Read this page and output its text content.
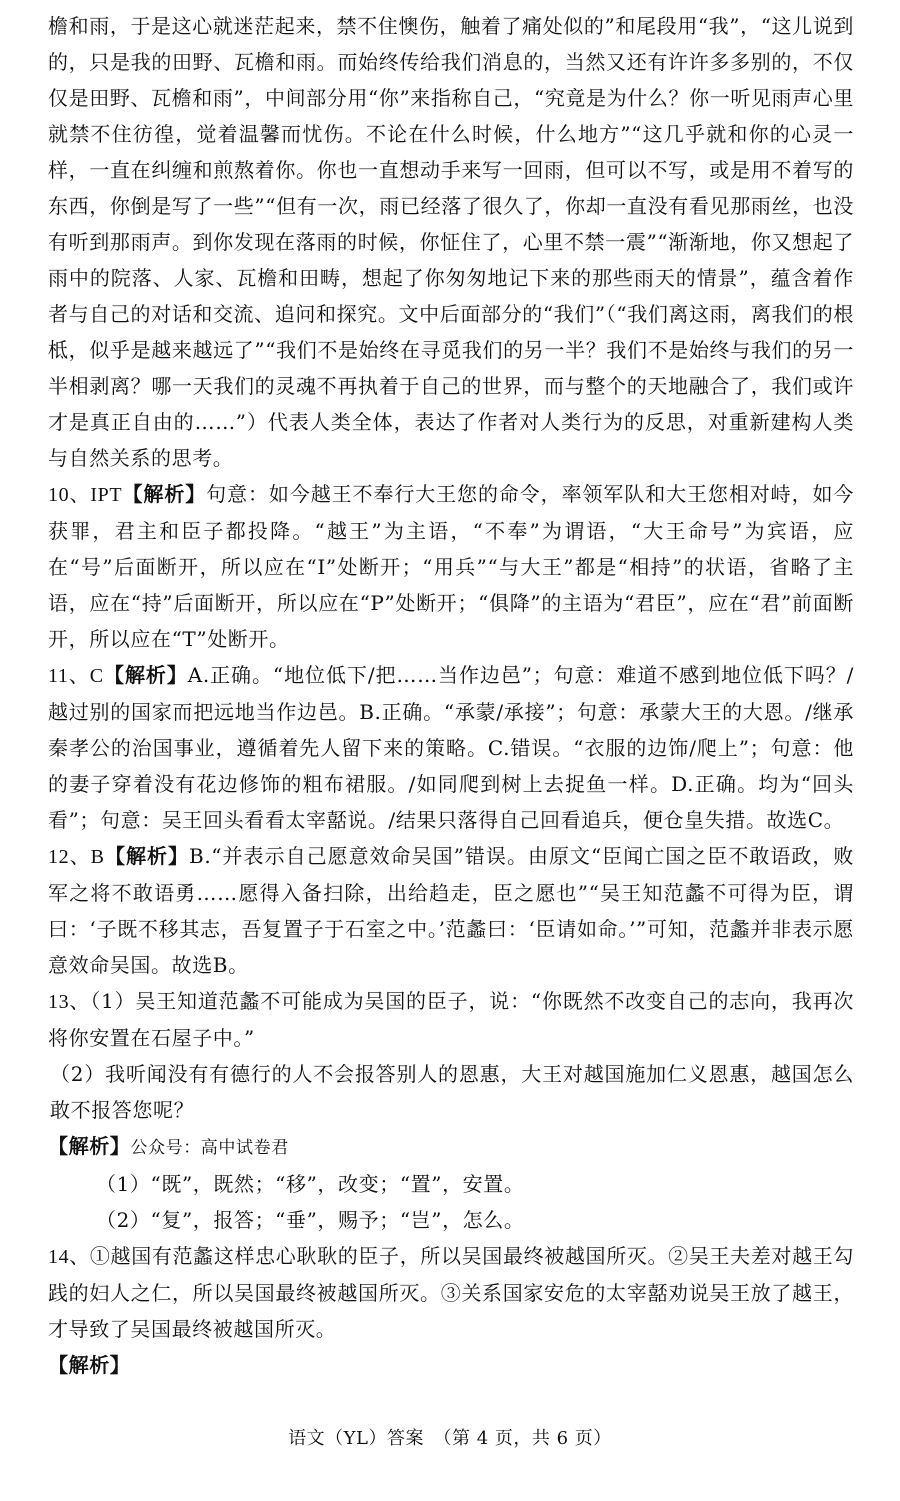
檐和雨，于是这心就迷茫起来，禁不住懊伤，触着了痛处似的”和尾段用“我”，“这儿说到的，只是我的田野、瓦檐和雨。而始终传给我们消息的，当然又还有许许多多别的，不仅仅是田野、瓦檐和雨”，中间部分用“你”来指称自己，“究竟是为什么？你一听见雨声心里就禁不住彷徨，觉着温馨而忧伤。不论在什么时候，什么地方”“这几乎就和你的心灵一样，一直在纠缠和煎熬着你。你也一直想动手来写一回雨，但可以不写，或是用不着写的东西，你倒是写了一些”“但有一次，雨已经落了很久了，你却一直没有看见那雨丝，也没有听到那雨声。到你发现在落雨的时候，你怔住了，心里不禁一震”“渐渐地，你又想起了雨中的院落、人家、瓦檐和田畴，想起了你匆匆地记下来的那些雨天的情景”，蕴含着作者与自己的对话和交流、追问和探究。文中后面部分的“我们”（“我们离这雨，离我们的根柢，似乎是越来越远了”“我们不是始终在寻觅我们的另一半？我们不是始终与我们的另一半相剥离？哪一天我们的灵魂不再执着于自己的世界，而与整个的天地融合了，我们或许才是真正自由的……”）代表人类全体，表达了作者对人类行为的反思，对重新建构人类与自然关系的思考。

10、IPT【解析】句意：如今越王不奉行大王您的命令，率领军队和大王您相对峙，如今获罪，君主和臣子都投降。“越王”为主语，“不奉”为谓语，“大王命号”为宾语，应在“号”后面断开，所以应在“I”处断开；“用兵”“与大王”都是“相持”的状语，省略了主语，应在“持”后面断开，所以应在“P”处断开；“俱降”的主语为“君臣”，应在“君”前面断开，所以应在“T”处断开。

11、C【解析】A.正确。“地位低下/把……当作边邑”；句意：难道不感到地位低下吗？/越过别的国家而把远地当作边邑。B.正确。“承蒙/承接”；句意：承蒙大王的大恩。/继承秦孝公的治国事业，遵循着先人留下来的策略。C.错误。“衣服的边饰/爬上”；句意：他的妻子穿着没有花边修饰的粗布裙服。/如同爬到树上去捉鱼一样。D.正确。均为“回头看”；句意：吴王回头看看太宰嚭说。/结果只落得自己回看追兵，便仓皇失措。故选C。

12、B【解析】B.“并表示自己愿意效命吴国”错误。由原文“臣闻亡国之臣不敢语政，败军之将不敢语勇……愿得入备扫除，出给趋走，臣之愿也”“吴王知范蠡不可得为臣，谓曰：‘子既不移其志，吾复置子于石室之中。’范蠡曰：‘臣请如命。’”可知，范蠡并非表示愿意效命吴国。故选B。

13、（1）吴王知道范蠡不可能成为吴国的臣子，说：“你既然不改变自己的志向，我再次将你安置在石屋子中。”

（2）我听闻没有有德行的人不会报答别人的恩惠，大王对越国施加仁义恩惠，越国怎么敢不报答您呢？

【解析】公众号：高中试卷君

（1）“既”，既然；“移”，改变；“置”，安置。

（2）“复”，报答；“垂”，赐予；“岂”，怎么。

14、①越国有范蠡这样忠心耿耿的臣子，所以吴国最终被越国所灭。②吴王夫差对越王勾践的妇人之仁，所以吴国最终被越国所灭。③关系国家安危的太宰嚭劝说吴王放了越王，才导致了吴国最终被越国所灭。

【解析】

语文（YL）答案　（第 4 页，共 6 页）
